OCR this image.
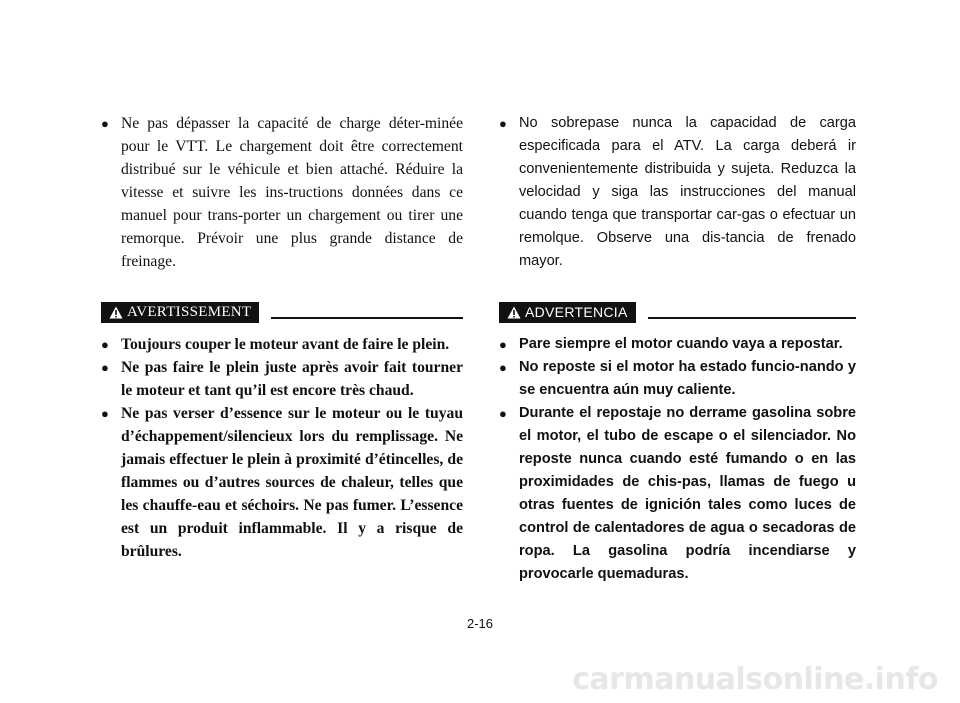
● Ne pas dépasser la capacité de charge déter-minée pour le VTT. Le chargement doit être correctement distribué sur le véhicule et bien attaché. Réduire la vitesse et suivre les ins-tructions données dans ce manuel pour trans-porter un chargement ou tirer une remorque. Prévoir une plus grande distance de freinage.
AVERTISSEMENT
● Toujours couper le moteur avant de faire le plein.
● Ne pas faire le plein juste après avoir fait tourner le moteur et tant qu’il est encore très chaud.
● Ne pas verser d’essence sur le moteur ou le tuyau d’échappement/silencieux lors du remplissage. Ne jamais effectuer le plein à proximité d’étincelles, de flammes ou d’autres sources de chaleur, telles que les chauffe-eau et séchoirs. Ne pas fumer. L’essence est un produit inflammable. Il y a risque de brûlures.
● No sobrepase nunca la capacidad de carga especificada para el ATV. La carga deberá ir convenientemente distribuida y sujeta. Reduzca la velocidad y siga las instrucciones del manual cuando tenga que transportar car-gas o efectuar un remolque. Observe una dis-tancia de frenado mayor.
ADVERTENCIA
● Pare siempre el motor cuando vaya a repostar.
● No reposte si el motor ha estado funcio-nando y se encuentra aún muy caliente.
● Durante el repostaje no derrame gasolina sobre el motor, el tubo de escape o el silenciador. No reposte nunca cuando esté fumando o en las proximidades de chis-pas, llamas de fuego u otras fuentes de ignición tales como luces de control de calentadores de agua o secadoras de ropa. La gasolina podría incendiarse y provocarle quemaduras.
2-16
carmanualsonline.info
